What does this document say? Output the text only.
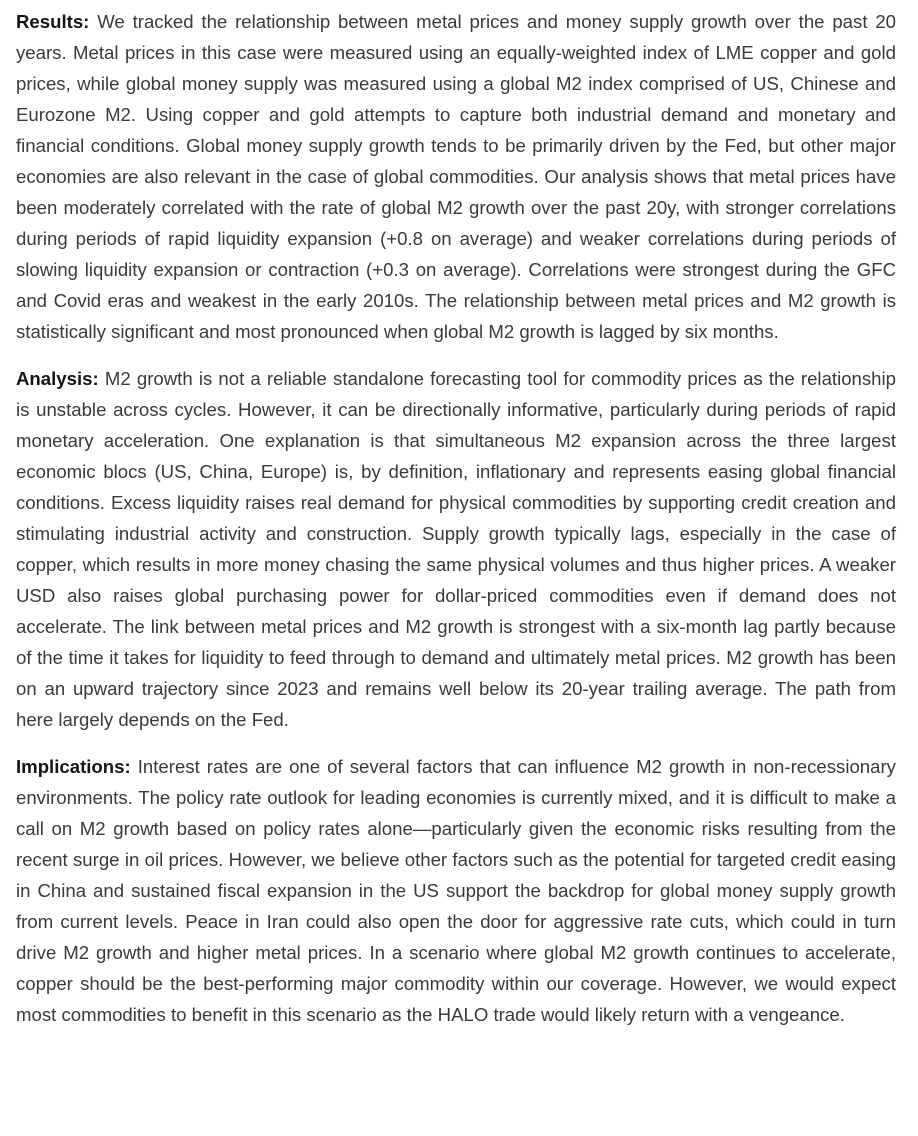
Results: We tracked the relationship between metal prices and money supply growth over the past 20 years. Metal prices in this case were measured using an equally-weighted index of LME copper and gold prices, while global money supply was measured using a global M2 index comprised of US, Chinese and Eurozone M2. Using copper and gold attempts to capture both industrial demand and monetary and financial conditions. Global money supply growth tends to be primarily driven by the Fed, but other major economies are also relevant in the case of global commodities. Our analysis shows that metal prices have been moderately correlated with the rate of global M2 growth over the past 20y, with stronger correlations during periods of rapid liquidity expansion (+0.8 on average) and weaker correlations during periods of slowing liquidity expansion or contraction (+0.3 on average). Correlations were strongest during the GFC and Covid eras and weakest in the early 2010s. The relationship between metal prices and M2 growth is statistically significant and most pronounced when global M2 growth is lagged by six months.

Analysis: M2 growth is not a reliable standalone forecasting tool for commodity prices as the relationship is unstable across cycles. However, it can be directionally informative, particularly during periods of rapid monetary acceleration. One explanation is that simultaneous M2 expansion across the three largest economic blocs (US, China, Europe) is, by definition, inflationary and represents easing global financial conditions. Excess liquidity raises real demand for physical commodities by supporting credit creation and stimulating industrial activity and construction. Supply growth typically lags, especially in the case of copper, which results in more money chasing the same physical volumes and thus higher prices. A weaker USD also raises global purchasing power for dollar-priced commodities even if demand does not accelerate. The link between metal prices and M2 growth is strongest with a six-month lag partly because of the time it takes for liquidity to feed through to demand and ultimately metal prices. M2 growth has been on an upward trajectory since 2023 and remains well below its 20-year trailing average. The path from here largely depends on the Fed.

Implications: Interest rates are one of several factors that can influence M2 growth in non-recessionary environments. The policy rate outlook for leading economies is currently mixed, and it is difficult to make a call on M2 growth based on policy rates alone—particularly given the economic risks resulting from the recent surge in oil prices. However, we believe other factors such as the potential for targeted credit easing in China and sustained fiscal expansion in the US support the backdrop for global money supply growth from current levels. Peace in Iran could also open the door for aggressive rate cuts, which could in turn drive M2 growth and higher metal prices. In a scenario where global M2 growth continues to accelerate, copper should be the best-performing major commodity within our coverage. However, we would expect most commodities to benefit in this scenario as the HALO trade would likely return with a vengeance.
